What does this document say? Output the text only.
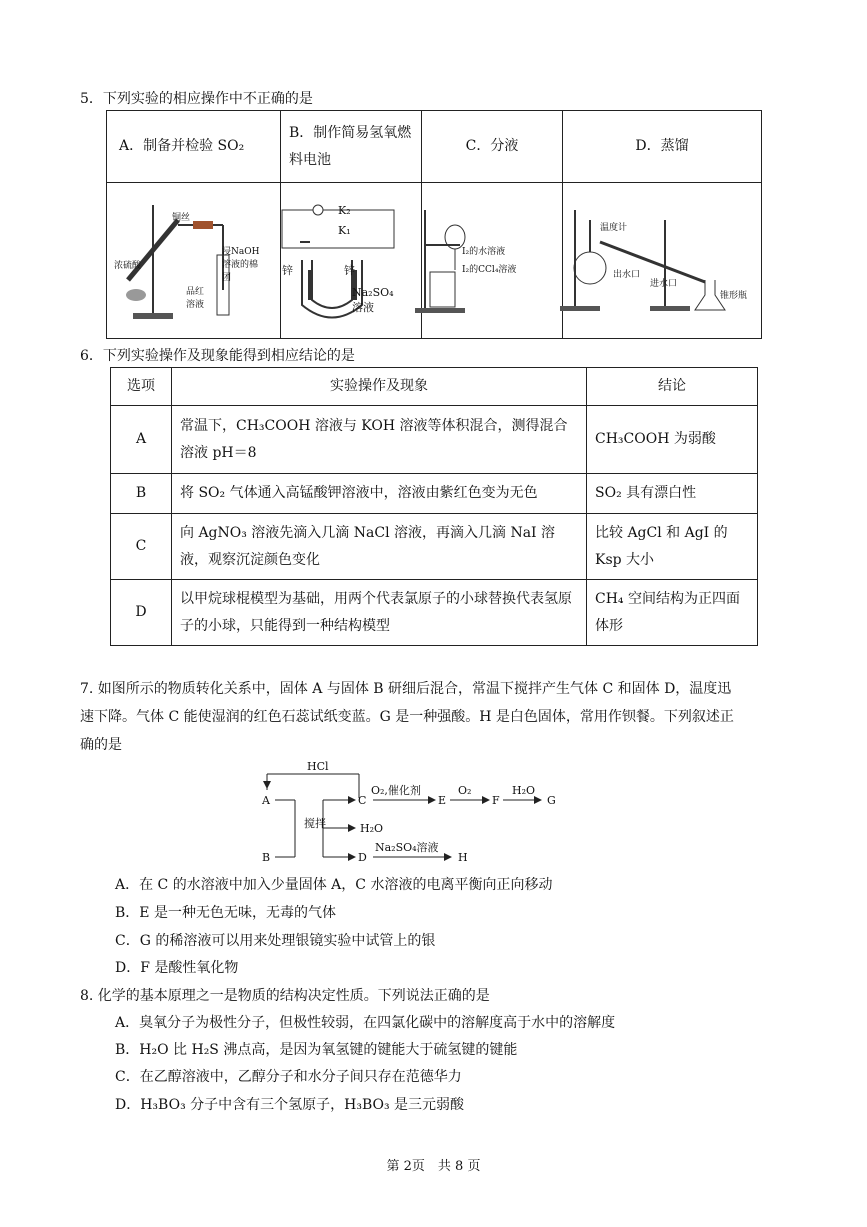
5．下列实验的相应操作中不正确的是
A．制备并检验 SO₂	B．制作简易氢氧燃料电池	C．分液	D．蒸馏

铜丝
浓硫酸
浸NaOH溶液的棉团
品红溶液
K₂
K₁
锌	锌
Na₂SO₄溶液
I₂的水溶液
I₂的CCl₄溶液
温度计
出水口
进水口
锥形瓶
6．下列实验操作及现象能得到相应结论的是
选项	实验操作及现象	结论
A	常温下，CH₃COOH 溶液与 KOH 溶液等体积混合，测得混合溶液 pH＝8	CH₃COOH 为弱酸
B	将 SO₂ 气体通入高锰酸钾溶液中，溶液由紫红色变为无色	SO₂ 具有漂白性
C	向 AgNO₃ 溶液先滴入几滴 NaCl 溶液，再滴入几滴 NaI 溶液，观察沉淀颜色变化	比较 AgCl 和 AgI 的 Ksp 大小
D	以甲烷球棍模型为基础，用两个代表氯原子的小球替换代表氢原子的小球，只能得到一种结构模型	CH₄ 空间结构为正四面体形
7. 如图所示的物质转化关系中，固体 A 与固体 B 研细后混合，常温下搅拌产生气体 C 和固体 D，温度迅
速下降。气体 C 能使湿润的红色石蕊试纸变蓝。G 是一种强酸。H 是白色固体，常用作钡餐。下列叙述正
确的是
HCl
A
B
搅拌
C
O₂,催化剂
E
O₂
F
H₂O
G
H₂O
D
Na₂SO₄溶液
H
A．在 C 的水溶液中加入少量固体 A，C 水溶液的电离平衡向正向移动
B．E 是一种无色无味，无毒的气体
C．G 的稀溶液可以用来处理银镜实验中试管上的银
D．F 是酸性氧化物
8. 化学的基本原理之一是物质的结构决定性质。下列说法正确的是
A．臭氧分子为极性分子，但极性较弱，在四氯化碳中的溶解度高于水中的溶解度
B．H₂O 比 H₂S 沸点高，是因为氧氢键的键能大于硫氢键的键能
C．在乙醇溶液中，乙醇分子和水分子间只存在范德华力
D．H₃BO₃ 分子中含有三个氢原子，H₃BO₃ 是三元弱酸
第 2页　共 8 页
